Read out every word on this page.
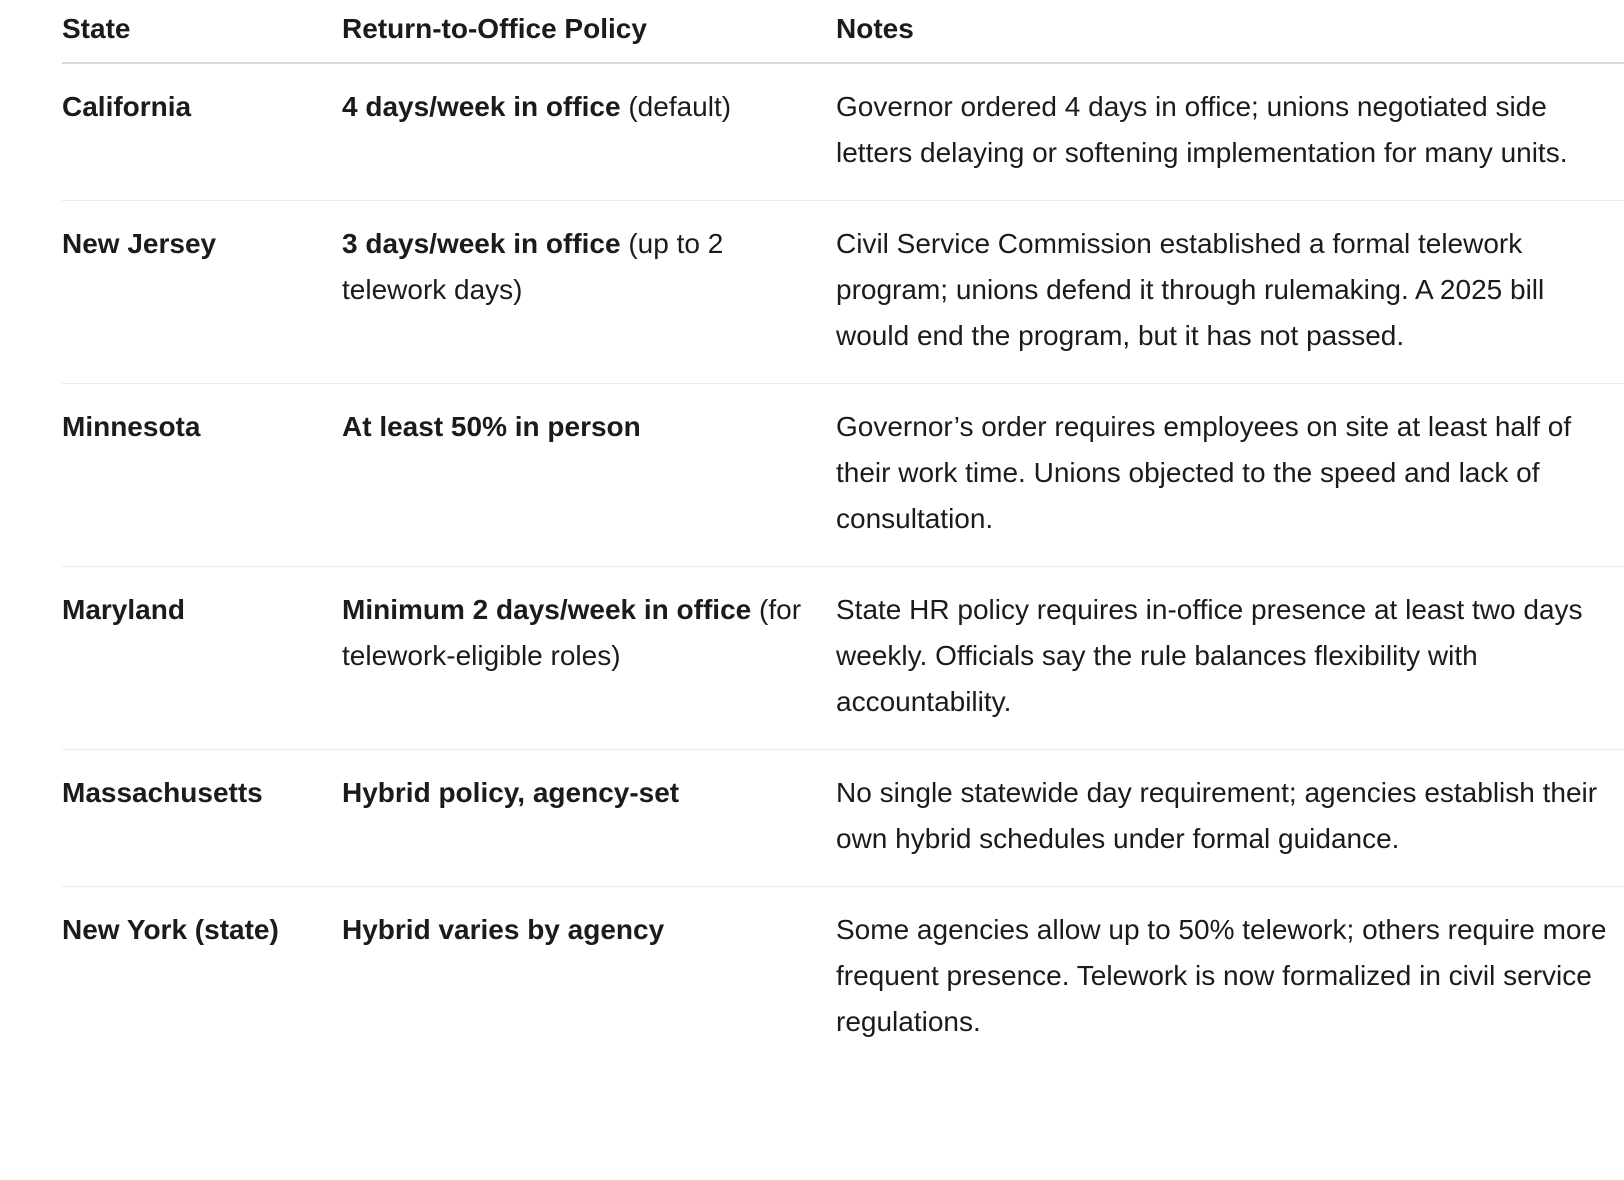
State	Return-to-Office Policy	Notes
California	4 days/week in office (default)	Governor ordered 4 days in office; unions negotiated side letters delaying or softening implementation for many units.
New Jersey	3 days/week in office (up to 2 telework days)	Civil Service Commission established a formal telework program; unions defend it through rulemaking. A 2025 bill would end the program, but it has not passed.
Minnesota	At least 50% in person	Governor’s order requires employees on site at least half of their work time. Unions objected to the speed and lack of consultation.
Maryland	Minimum 2 days/week in office (for telework-eligible roles)	State HR policy requires in-office presence at least two days weekly. Officials say the rule balances flexibility with accountability.
Massachusetts	Hybrid policy, agency-set	No single statewide day requirement; agencies establish their own hybrid schedules under formal guidance.
New York (state)	Hybrid varies by agency	Some agencies allow up to 50% telework; others require more frequent presence. Telework is now formalized in civil service regulations.
